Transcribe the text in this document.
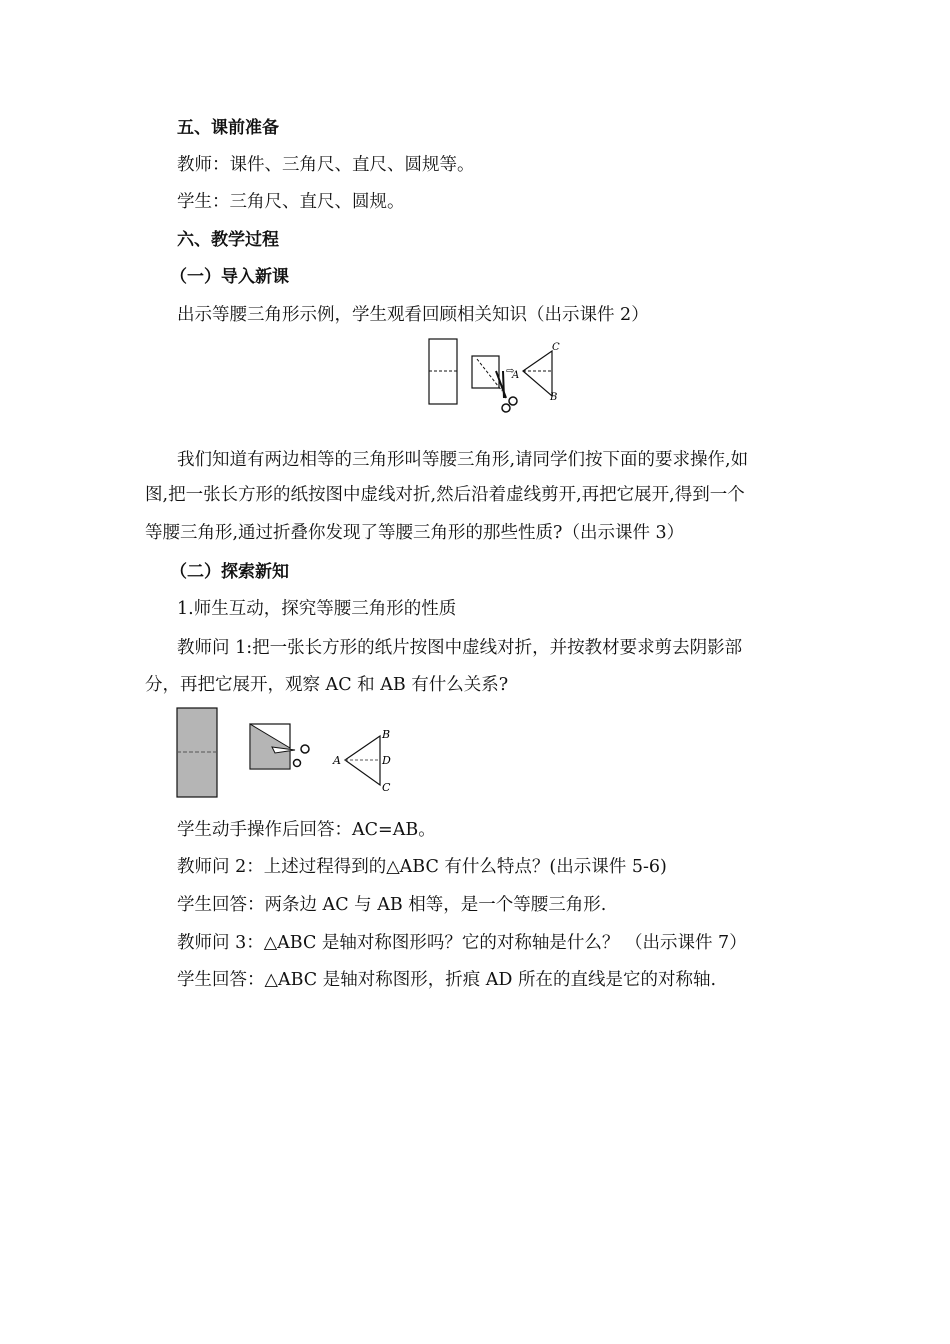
五、课前准备
教师：课件、三角尺、直尺、圆规等。
学生：三角尺、直尺、圆规。
六、教学过程
（一）导入新课
出示等腰三角形示例，学生观看回顾相关知识（出示课件 2）
⇨
A
C
B
我们知道有两边相等的三角形叫等腰三角形,请同学们按下面的要求操作,如
图,把一张长方形的纸按图中虚线对折,然后沿着虚线剪开,再把它展开,得到一个
等腰三角形,通过折叠你发现了等腰三角形的那些性质?（出示课件 3）
（二）探索新知
1.师生互动，探究等腰三角形的性质
教师问 1:把一张长方形的纸片按图中虚线对折，并按教材要求剪去阴影部
分，再把它展开，观察 AC 和 AB 有什么关系?
A
B
D
C
学生动手操作后回答：AC=AB。
教师问 2：上述过程得到的△ABC 有什么特点？(出示课件 5-6)
学生回答：两条边 AC 与 AB 相等，是一个等腰三角形.
教师问 3：△ABC 是轴对称图形吗？它的对称轴是什么？ （出示课件 7）
学生回答：△ABC 是轴对称图形，折痕 AD 所在的直线是它的对称轴.
